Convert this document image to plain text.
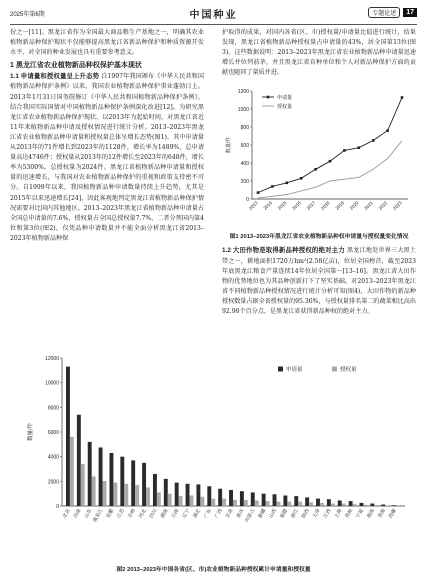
2025年第6期	中国种业	专题论述	17

份之一[11]。黑龙江省作为全国最大商品粮生产基地之一，明确其农业植物新品种保护现状不仅能够提高黑龙江省新品种保护和种质资源开发水平，对全国的种业发展也具有重要参考意义。

1 黑龙江省农业植物新品种权保护基本现状

1.1 申请量和授权量呈上升态势 自1997年我国颁布《中华人民共和国植物新品种保护条例》以来，我国农业植物新品种保护事业蓬勃日上。2013年1月31日国务院修订《中华人民共和国植物新品种保护条例》，结合我国实际国情对中国植物新品种保护条例深化改进[12]。为研究黑龙江省农业植物新品种保护现状，以2013年为起始时间，对黑龙江省近11年来植物新品种申请及授权情况进行统计分析。2013–2023年黑龙江省农业植物新品种申请量和授权量总体呈增长态势(图1)，其中申请量从2013年的71件增长到2023年的1128件，增长率为1489%，总申请量高达4746件；授权量从2013年的12件增长至2023年的648件，增长率为5300%，总授权量为2024件。黑龙江省植物新品种申请量和授权量的迅速增长，与我国对农业植物新品种保护的重视和政策支持密不可分。自1999年以来，我国植物新品种申请数量持续上升趋势，尤其是2015年以来迅速增长[24]，因此客观地判定黑龙江省植物新品种保护情况需要对比国内其他地区。2013–2023年黑龙江省植物新品种申请量占全国总申请量的7.6%，授权量占全国总授权量7.7%，二者分列国内第4位和第3位(图2)。仅凭品种申请数量并不能全面分析黑龙江省2013–2023年植物新品种保

护取得的成果，对国内各省(区、市)授权量/申请量比值进行统计，结果发现，黑龙江省植物新品种授权量占申请量的43%，居全国第13位(图3)。这些数据说明：2013–2023年黑龙江省农业植物新品种申请量迅速增长并位列前茅，并且黑龙江省育种单位和个人对新品种保护方面的贡献也随同了量质并进。

0
200
400
600
800
1000
1200
2013 2014 2015 2016 2017 2018 2019 2020 2021 2022 2023
数量/件
申请量
授权量
图1 2013–2023年黑龙江省农业植物新品种权申请量与授权量变化情况

1.2 大田作物是取得新品种授权的绝对主力 黑龙江地处世界三大黑土带之一，耕地面积1720万hm²(2.58亿亩)，位居全国榜首，截至2023年底黑龙江粮食产量连续14年位居全国第一[13–16]。黑龙江省大田作物的优势地位也为其品种创新打下了坚实基础。对2013–2023年黑龙江省不同植物新品种授权情况进行统计分析可知(图4)，大田作物的新品种授权数量占据全省授权量的95.36%，与授权量排名第二的蔬菜相比高出92.90个百分点，是黑龙江省获得新品种权的绝对主力。

0
2000
4000
6000
8000
10000
12000
数量/件
北京 河南 山东 黑龙江 安徽 江苏 吉林 河北 四川 湖南 云南 辽宁 湖北 广东 广西 甘肃 重庆 内蒙古 新疆 山西 福建 浙江 陕西 天津 江西 上海 贵州 宁夏 海南 青海 西藏
申请量	授权量
图2 2013–2023年中国各省(区、市)农业植物新品种授权累计申请量和授权量
